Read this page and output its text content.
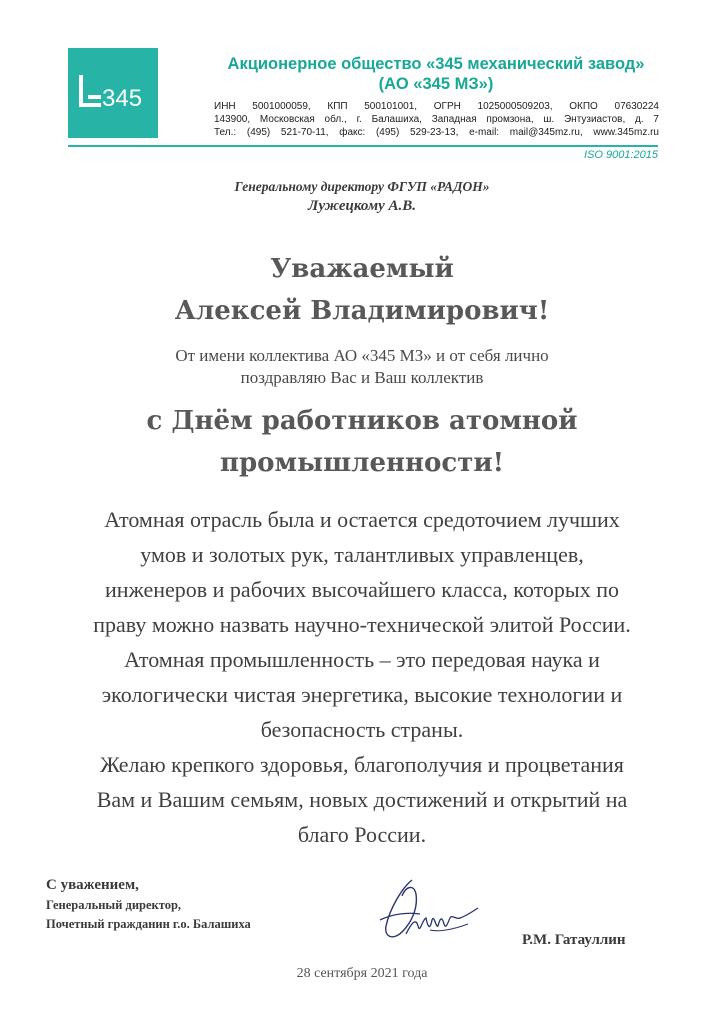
345
Акционерное общество «345 механический завод»
(АО «345 МЗ»)
ИНН 5001000059, КПП 500101001, ОГРН 1025000509203, ОКПО 07630224
143900, Московская обл., г. Балашиха, Западная промзона, ш. Энтузиастов, д. 7
Тел.: (495) 521-70-11, факс: (495) 529-23-13, e-mail: mail@345mz.ru, www.345mz.ru
ISO 9001:2015
Генеральному директору ФГУП «РАДОН»
Лужецкому А.В.
Уважаемый
Алексей Владимирович!
От имени коллектива АО «345 МЗ» и от себя лично
поздравляю Вас и Ваш коллектив
с Днём работников атомной
промышленности!
Атомная отрасль была и остается средоточием лучших
умов и золотых рук, талантливых управленцев,
инженеров и рабочих высочайшего класса, которых по
праву можно назвать научно-технической элитой России.
Атомная промышленность – это передовая наука и
экологически чистая энергетика, высокие технологии и
безопасность страны.
Желаю крепкого здоровья, благополучия и процветания
Вам и Вашим семьям, новых достижений и открытий на
благо России.
С уважением,
Генеральный директор,
Почетный гражданин г.о. Балашиха
Р.М. Гатауллин
28 сентября 2021 года
